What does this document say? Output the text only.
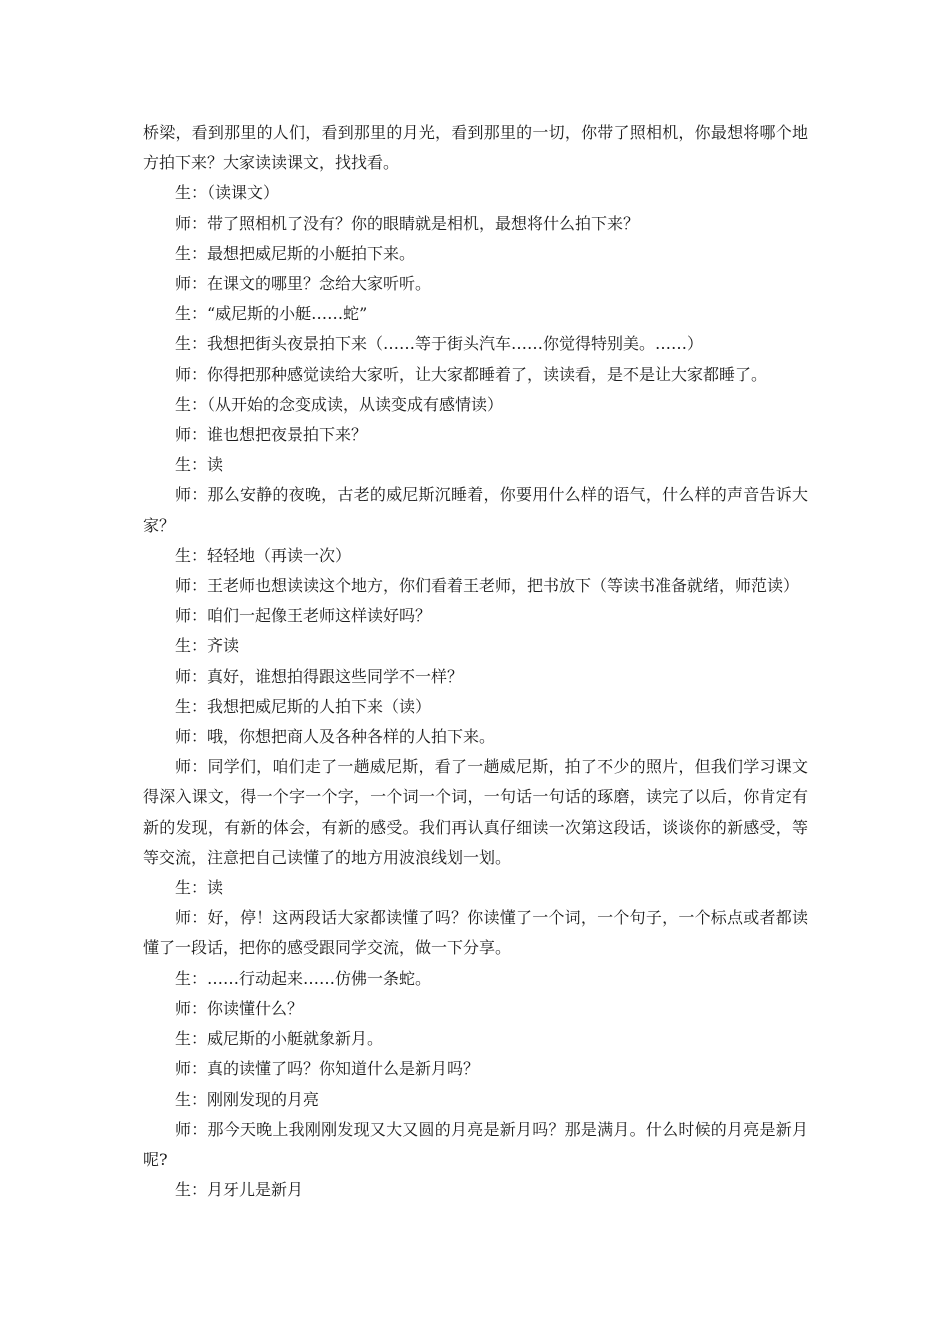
桥梁，看到那里的人们，看到那里的月光，看到那里的一切，你带了照相机，你最想将哪个地方拍下来？大家读读课文，找找看。

生：（读课文）

师：带了照相机了没有？你的眼睛就是相机，最想将什么拍下来？

生：最想把威尼斯的小艇拍下来。

师：在课文的哪里？念给大家听听。

生：“威尼斯的小艇……蛇”

生：我想把街头夜景拍下来（……等于街头汽车……你觉得特别美。……）

师：你得把那种感觉读给大家听，让大家都睡着了，读读看，是不是让大家都睡了。

生：（从开始的念变成读，从读变成有感情读）

师：谁也想把夜景拍下来？

生：读

师：那么安静的夜晚，古老的威尼斯沉睡着，你要用什么样的语气，什么样的声音告诉大家？

生：轻轻地（再读一次）

师：王老师也想读读这个地方，你们看着王老师，把书放下（等读书准备就绪，师范读）

师：咱们一起像王老师这样读好吗？

生：齐读

师：真好，谁想拍得跟这些同学不一样？

生：我想把威尼斯的人拍下来（读）

师：哦，你想把商人及各种各样的人拍下来。

师：同学们，咱们走了一趟威尼斯，看了一趟威尼斯，拍了不少的照片，但我们学习课文得深入课文，得一个字一个字，一个词一个词，一句话一句话的琢磨，读完了以后，你肯定有新的发现，有新的体会，有新的感受。我们再认真仔细读一次第这段话，谈谈你的新感受，等等交流，注意把自己读懂了的地方用波浪线划一划。

生：读

师：好，停！这两段话大家都读懂了吗？你读懂了一个词，一个句子，一个标点或者都读懂了一段话，把你的感受跟同学交流，做一下分享。

生：……行动起来……仿佛一条蛇。

师：你读懂什么？

生：威尼斯的小艇就象新月。

师：真的读懂了吗？你知道什么是新月吗？

生：刚刚发现的月亮

师：那今天晚上我刚刚发现又大又圆的月亮是新月吗？那是满月。什么时候的月亮是新月呢?

生：月牙儿是新月
